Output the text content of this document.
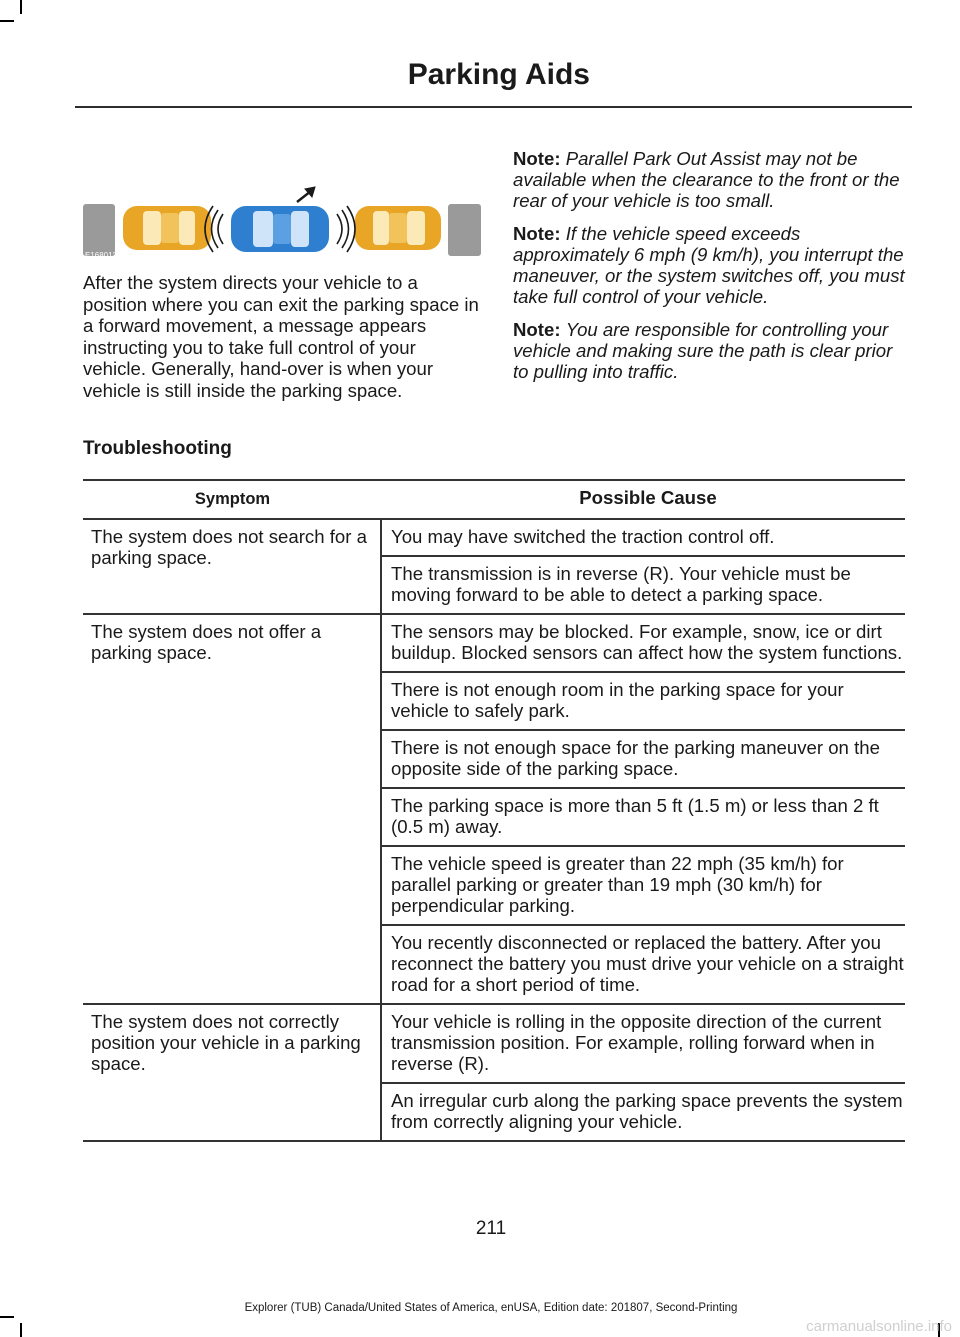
Parking Aids
E168012

After the system directs your vehicle to a position where you can exit the parking space in a forward movement, a message appears instructing you to take full control of your vehicle. Generally, hand-over is when your vehicle is still inside the parking space.

Note: Parallel Park Out Assist may not be available when the clearance to the front or the rear of your vehicle is too small.

Note: If the vehicle speed exceeds approximately 6 mph (9 km/h), you interrupt the maneuver, or the system switches off, you must take full control of your vehicle.

Note: You are responsible for controlling your vehicle and making sure the path is clear prior to pulling into traffic.

Troubleshooting
Symptom	Possible Cause
The system does not search for a parking space.
You may have switched the traction control off.
The transmission is in reverse (R). Your vehicle must be moving forward to be able to detect a parking space.
The system does not offer a parking space.
The sensors may be blocked. For example, snow, ice or dirt buildup. Blocked sensors can affect how the system functions.
There is not enough room in the parking space for your vehicle to safely park.
There is not enough space for the parking maneuver on the opposite side of the parking space.
The parking space is more than 5 ft (1.5 m) or less than 2 ft (0.5 m) away.
The vehicle speed is greater than 22 mph (35 km/h) for parallel parking or greater than 19 mph (30 km/h) for perpendicular parking.
You recently disconnected or replaced the battery. After you reconnect the battery you must drive your vehicle on a straight road for a short period of time.
The system does not correctly position your vehicle in a parking space.
Your vehicle is rolling in the opposite direction of the current transmission position. For example, rolling forward when in reverse (R).
An irregular curb along the parking space prevents the system from correctly aligning your vehicle.
211
Explorer (TUB) Canada/United States of America, enUSA, Edition date: 201807, Second-Printing
carmanualsonline.info
